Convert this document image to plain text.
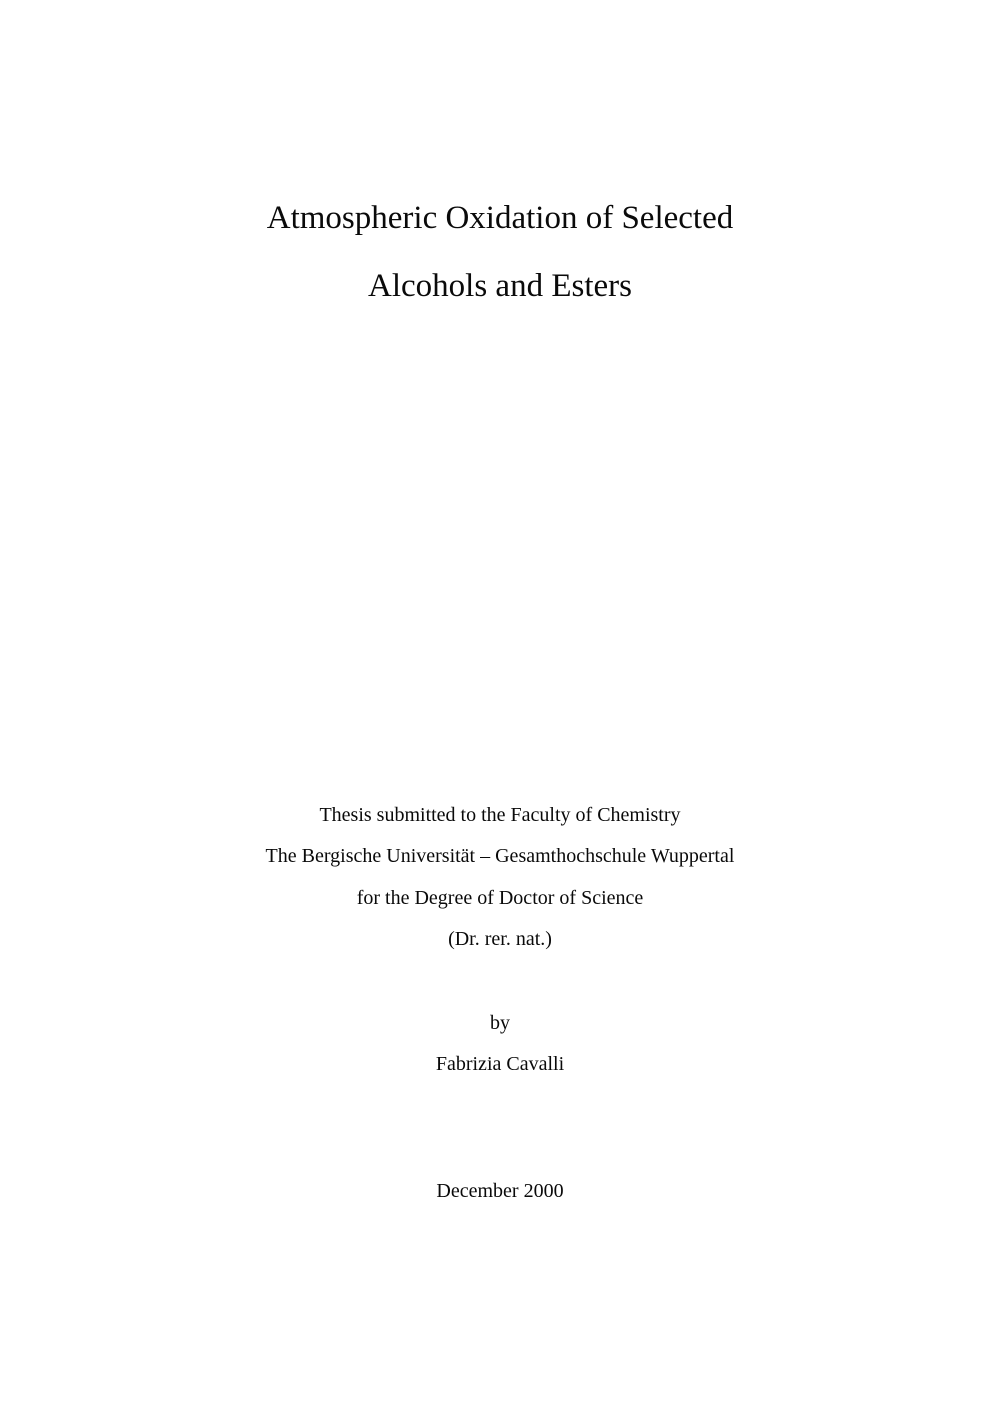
Atmospheric Oxidation of Selected
Alcohols and Esters
Thesis submitted to the Faculty of Chemistry
The Bergische Universität – Gesamthochschule Wuppertal
for the Degree of Doctor of Science
(Dr. rer. nat.)
by
Fabrizia Cavalli
December 2000
